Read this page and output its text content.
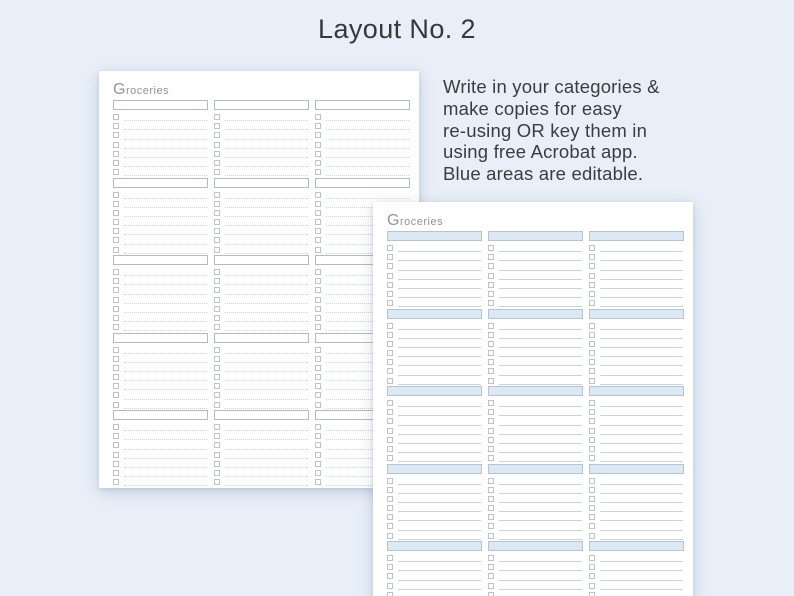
Layout No. 2
Write in your categories &
make copies for easy
re-using OR key them in
using free Acrobat app.
Blue areas are editable.
Groceries
Groceries
